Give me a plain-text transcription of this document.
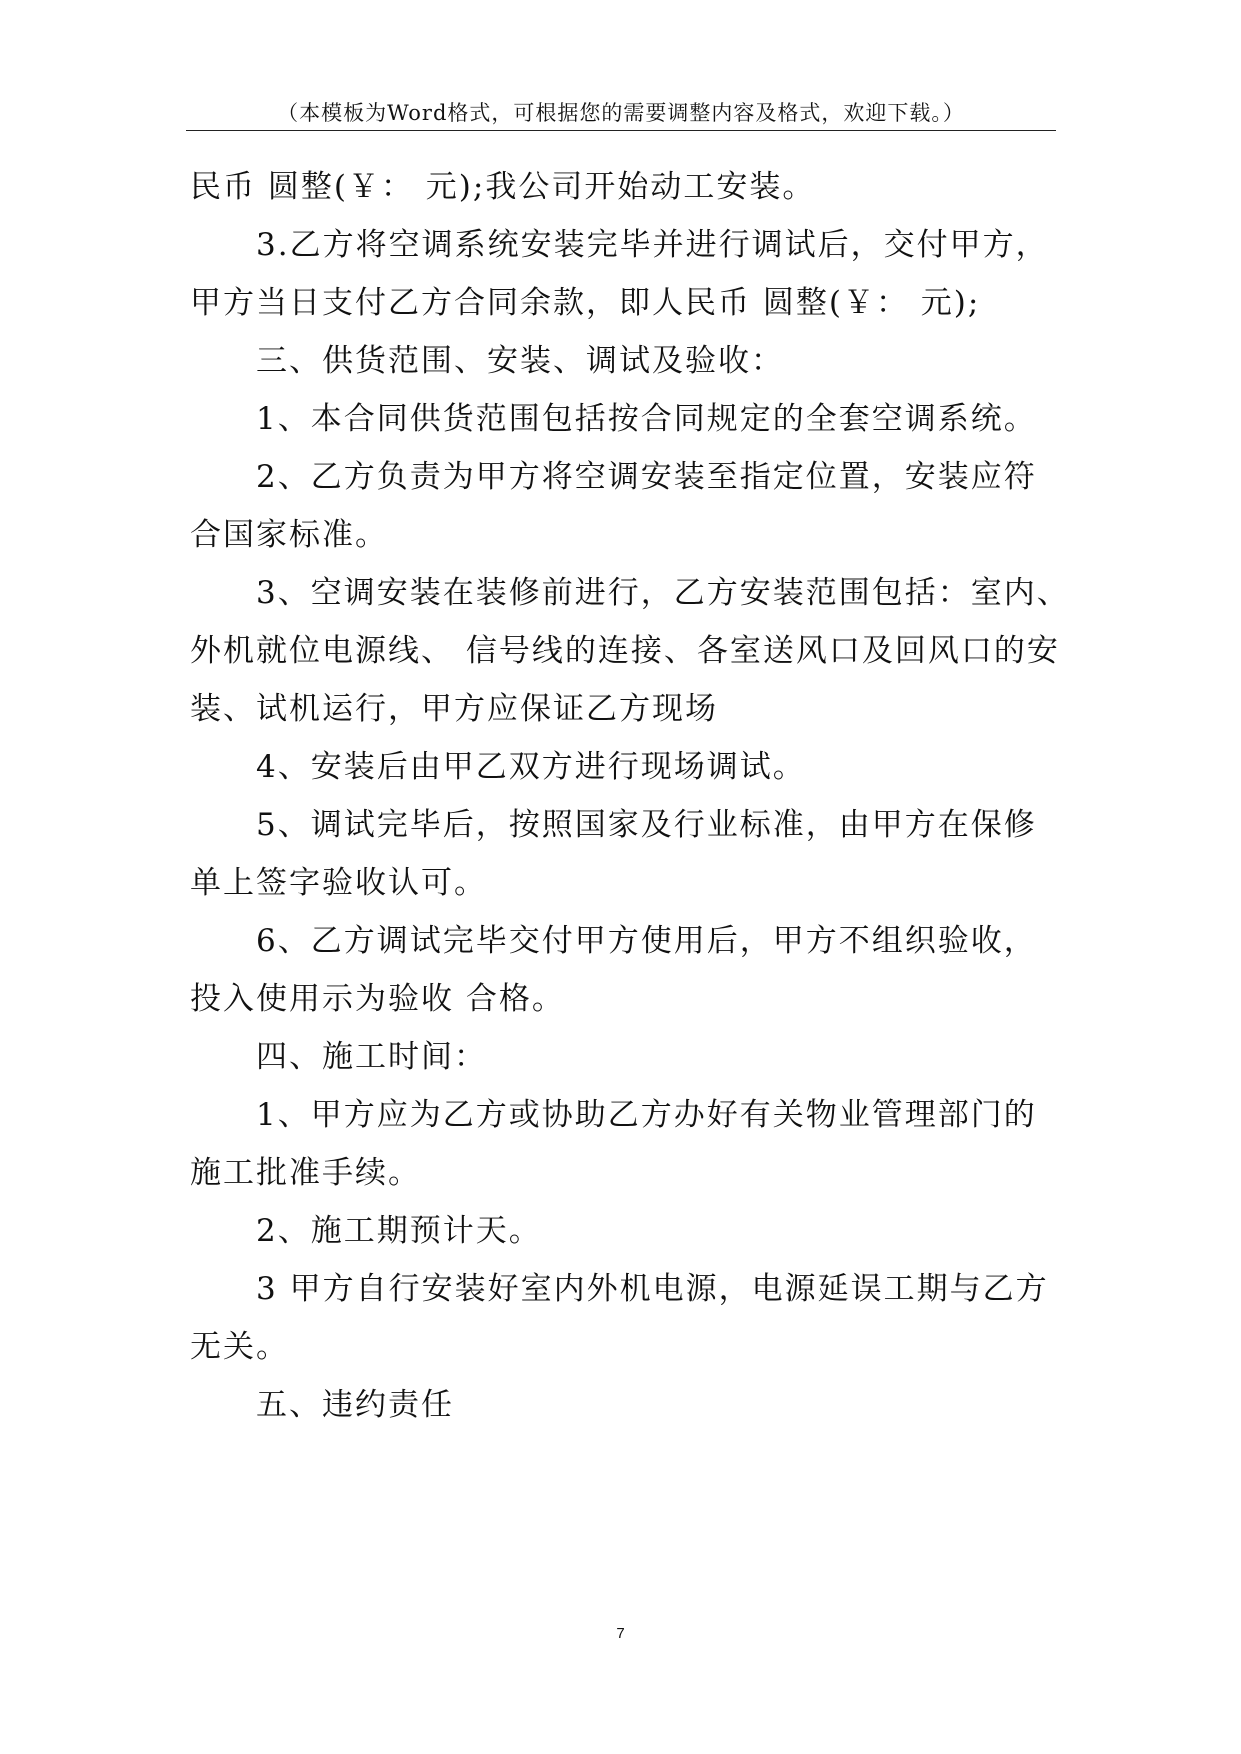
（本模板为Word格式，可根据您的需要调整内容及格式，欢迎下载。）
民币 圆整(￥： 元);我公司开始动工安装。
3.乙方将空调系统安装完毕并进行调试后，交付甲方，
甲方当日支付乙方合同余款，即人民币 圆整(￥： 元);
三、供货范围、安装、调试及验收：
1、本合同供货范围包括按合同规定的全套空调系统。
2、乙方负责为甲方将空调安装至指定位置，安装应符
合国家标准。
3、空调安装在装修前进行，乙方安装范围包括：室内、
外机就位电源线、 信号线的连接、各室送风口及回风口的安
装、试机运行，甲方应保证乙方现场
4、安装后由甲乙双方进行现场调试。
5、调试完毕后，按照国家及行业标准，由甲方在保修
单上签字验收认可。
6、乙方调试完毕交付甲方使用后，甲方不组织验收，
投入使用示为验收 合格。
四、施工时间：
1、甲方应为乙方或协助乙方办好有关物业管理部门的
施工批准手续。
2、施工期预计天。
3 甲方自行安装好室内外机电源，电源延误工期与乙方
无关。
五、违约责任
7
